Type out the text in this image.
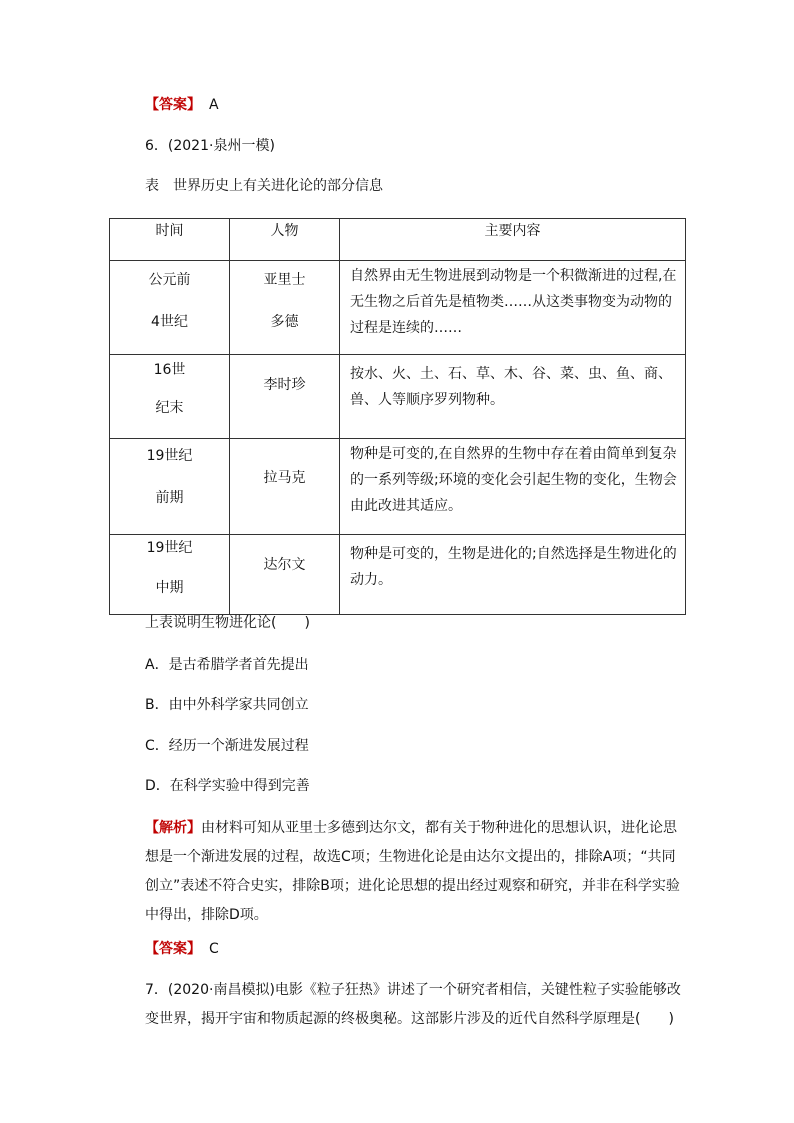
【答案】 A
6．(2021·泉州一模)
表　世界历史上有关进化论的部分信息
时间	人物	主要内容

公元前
4世纪	亚里士
多德	自然界由无生物进展到动物是一个积微渐进的过程,在无生物之后首先是植物类……从这类事物变为动物的过程是连续的……

16世
纪末	李时珍	按水、火、土、石、草、木、谷、菜、虫、鱼、商、兽、人等顺序罗列物种。

19世纪
前期	拉马克	物种是可变的,在自然界的生物中存在着由简单到复杂的一系列等级;环境的变化会引起生物的变化，生物会由此改进其适应。

19世纪
中期	达尔文	物种是可变的，生物是进化的;自然选择是生物进化的动力。
上表说明生物进化论(　　)
A．是古希腊学者首先提出
B．由中外科学家共同创立
C．经历一个渐进发展过程
D．在科学实验中得到完善
【解析】由材料可知从亚里士多德到达尔文，都有关于物种进化的思想认识，进化论思想是一个渐进发展的过程，故选C项；生物进化论是由达尔文提出的，排除A项；“共同创立”表述不符合史实，排除B项；进化论思想的提出经过观察和研究，并非在科学实验中得出，排除D项。
【答案】 C
7．(2020·南昌模拟)电影《粒子狂热》讲述了一个研究者相信，关键性粒子实验能够改变世界，揭开宇宙和物质起源的终极奥秘。这部影片涉及的近代自然科学原理是(　　)
